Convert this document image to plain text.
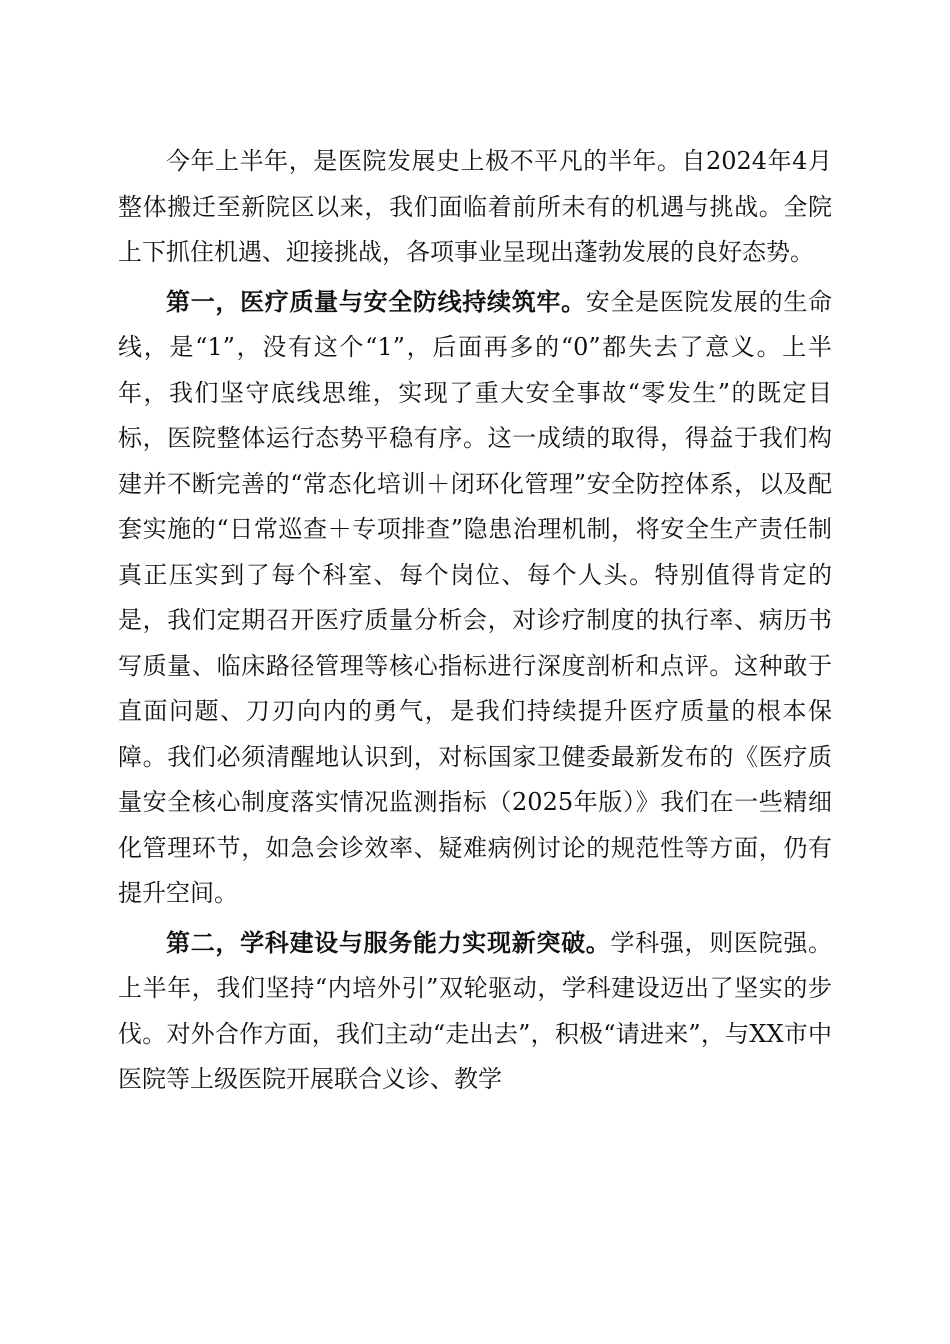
今年上半年，是医院发展史上极不平凡的半年。自2024年4月整体搬迁至新院区以来，我们面临着前所未有的机遇与挑战。全院上下抓住机遇、迎接挑战，各项事业呈现出蓬勃发展的良好态势。

第一，医疗质量与安全防线持续筑牢。安全是医院发展的生命线，是“1”，没有这个“1”，后面再多的“0”都失去了意义。上半年，我们坚守底线思维，实现了重大安全事故“零发生”的既定目标，医院整体运行态势平稳有序。这一成绩的取得，得益于我们构建并不断完善的“常态化培训＋闭环化管理”安全防控体系，以及配套实施的“日常巡查＋专项排查”隐患治理机制，将安全生产责任制真正压实到了每个科室、每个岗位、每个人头。特别值得肯定的是，我们定期召开医疗质量分析会，对诊疗制度的执行率、病历书写质量、临床路径管理等核心指标进行深度剖析和点评。这种敢于直面问题、刀刃向内的勇气，是我们持续提升医疗质量的根本保障。我们必须清醒地认识到，对标国家卫健委最新发布的《医疗质量安全核心制度落实情况监测指标（2025年版）》我们在一些精细化管理环节，如急会诊效率、疑难病例讨论的规范性等方面，仍有提升空间。

第二，学科建设与服务能力实现新突破。学科强，则医院强。上半年，我们坚持“内培外引”双轮驱动，学科建设迈出了坚实的步伐。对外合作方面，我们主动“走出去”，积极“请进来”，与XX市中医院等上级医院开展联合义诊、教学
